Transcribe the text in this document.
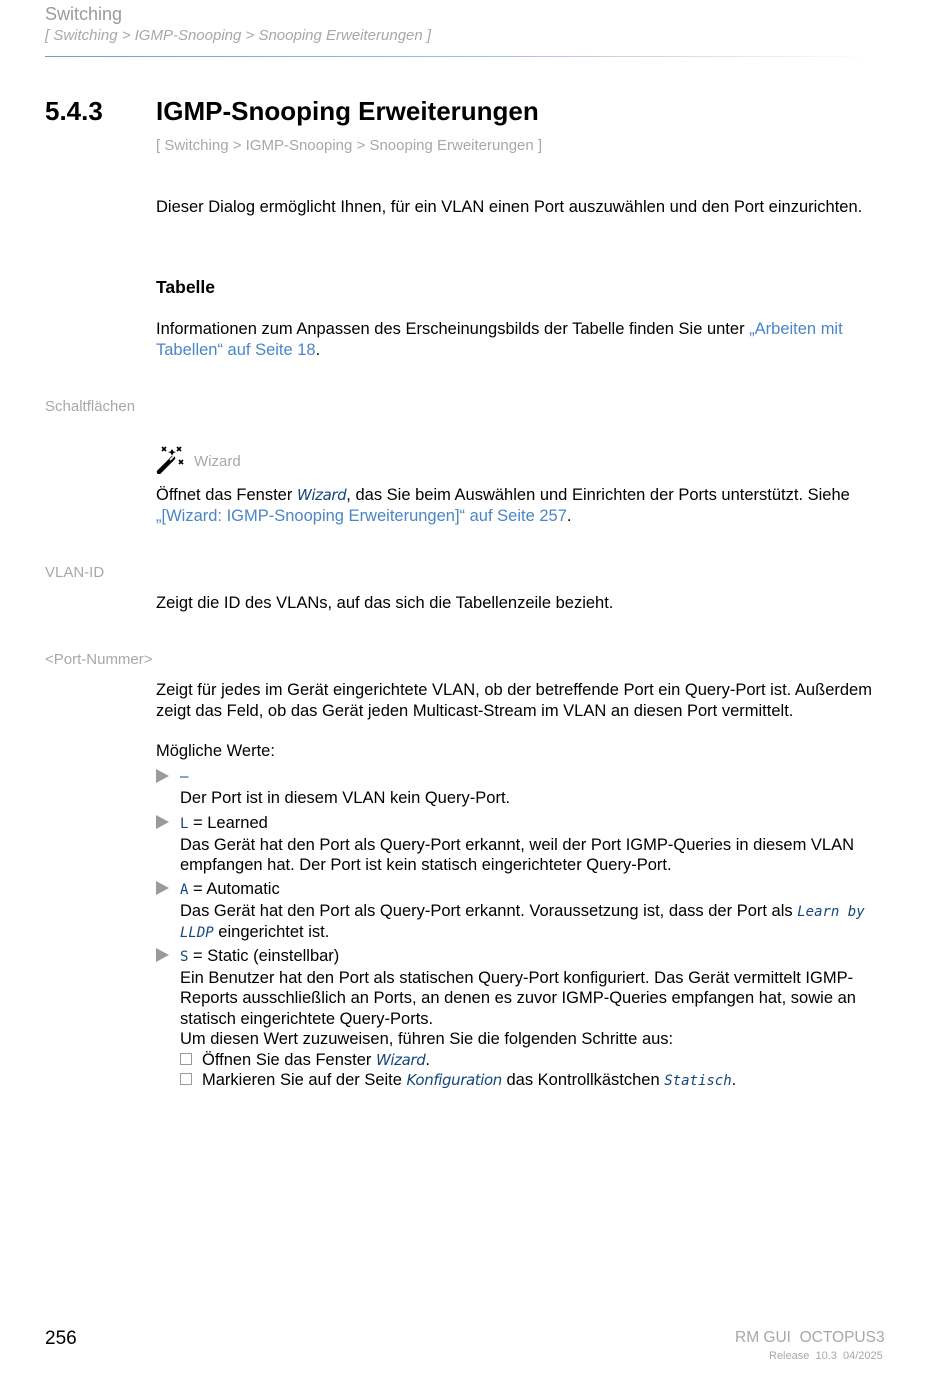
Switching
[ Switching > IGMP-Snooping > Snooping Erweiterungen ]
5.4.3 IGMP-Snooping Erweiterungen
[ Switching > IGMP-Snooping > Snooping Erweiterungen ]
Dieser Dialog ermöglicht Ihnen, für ein VLAN einen Port auszuwählen und den Port einzurichten.
Tabelle
Informationen zum Anpassen des Erscheinungsbilds der Tabelle finden Sie unter „Arbeiten mit
Tabellen“ auf Seite 18.
Schaltflächen
Wizard
Öffnet das Fenster Wizard, das Sie beim Auswählen und Einrichten der Ports unterstützt. Siehe
„[Wizard: IGMP-Snooping Erweiterungen]“ auf Seite 257.
VLAN-ID
Zeigt die ID des VLANs, auf das sich die Tabellenzeile bezieht.
<Port-Nummer>
Zeigt für jedes im Gerät eingerichtete VLAN, ob der betreffende Port ein Query-Port ist. Außerdem
zeigt das Feld, ob das Gerät jeden Multicast-Stream im VLAN an diesen Port vermittelt.
Mögliche Werte:
–
Der Port ist in diesem VLAN kein Query-Port.
L = Learned
Das Gerät hat den Port als Query-Port erkannt, weil der Port IGMP-Queries in diesem VLAN
empfangen hat. Der Port ist kein statisch eingerichteter Query-Port.
A = Automatic
Das Gerät hat den Port als Query-Port erkannt. Voraussetzung ist, dass der Port als Learn by
LLDP eingerichtet ist.
S = Static (einstellbar)
Ein Benutzer hat den Port als statischen Query-Port konfiguriert. Das Gerät vermittelt IGMP-
Reports ausschließlich an Ports, an denen es zuvor IGMP-Queries empfangen hat, sowie an
statisch eingerichtete Query-Ports.
Um diesen Wert zuzuweisen, führen Sie die folgenden Schritte aus:
Öffnen Sie das Fenster Wizard.
Markieren Sie auf der Seite Konfiguration das Kontrollkästchen Statisch.
256	RM GUI  OCTOPUS3
Release  10.3  04/2025
